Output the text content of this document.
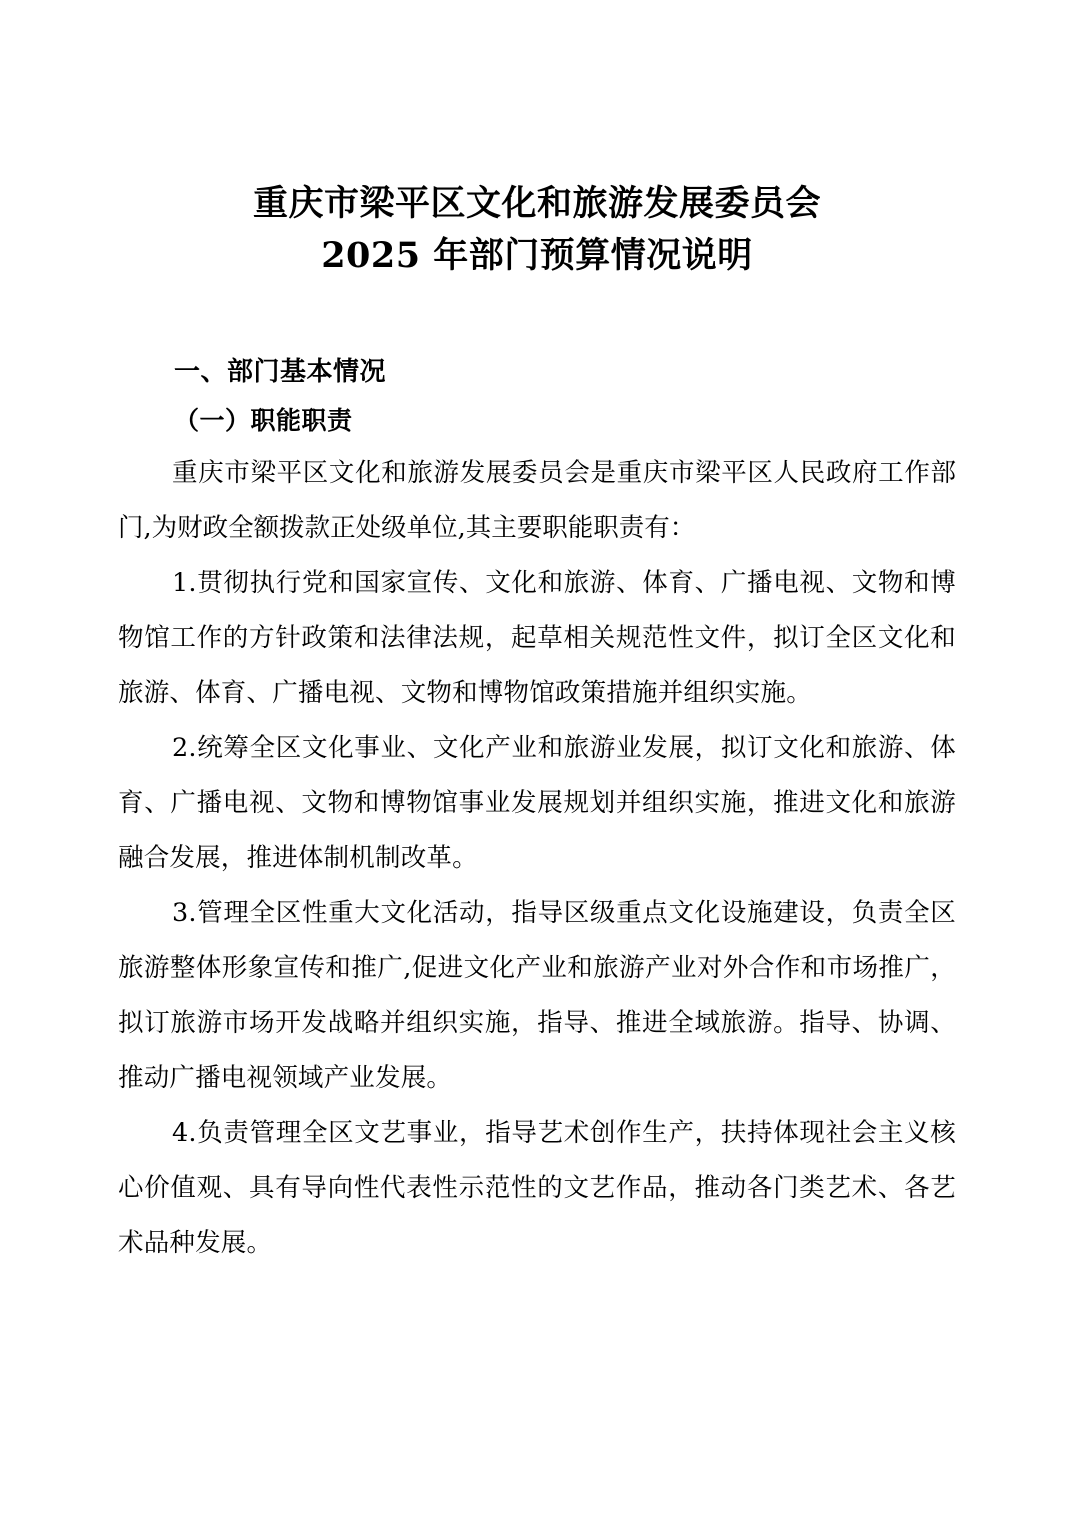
重庆市梁平区文化和旅游发展委员会
2025 年部门预算情况说明

一、部门基本情况

（一）职能职责

重庆市梁平区文化和旅游发展委员会是重庆市梁平区人民政府工作部门,为财政全额拨款正处级单位,其主要职能职责有：

1.贯彻执行党和国家宣传、文化和旅游、体育、广播电视、文物和博物馆工作的方针政策和法律法规，起草相关规范性文件，拟订全区文化和旅游、体育、广播电视、文物和博物馆政策措施并组织实施。

2.统筹全区文化事业、文化产业和旅游业发展，拟订文化和旅游、体育、广播电视、文物和博物馆事业发展规划并组织实施，推进文化和旅游融合发展，推进体制机制改革。

3.管理全区性重大文化活动，指导区级重点文化设施建设，负责全区旅游整体形象宣传和推广,促进文化产业和旅游产业对外合作和市场推广，拟订旅游市场开发战略并组织实施，指导、推进全域旅游。指导、协调、推动广播电视领域产业发展。

4.负责管理全区文艺事业，指导艺术创作生产，扶持体现社会主义核心价值观、具有导向性代表性示范性的文艺作品，推动各门类艺术、各艺术品种发展。
